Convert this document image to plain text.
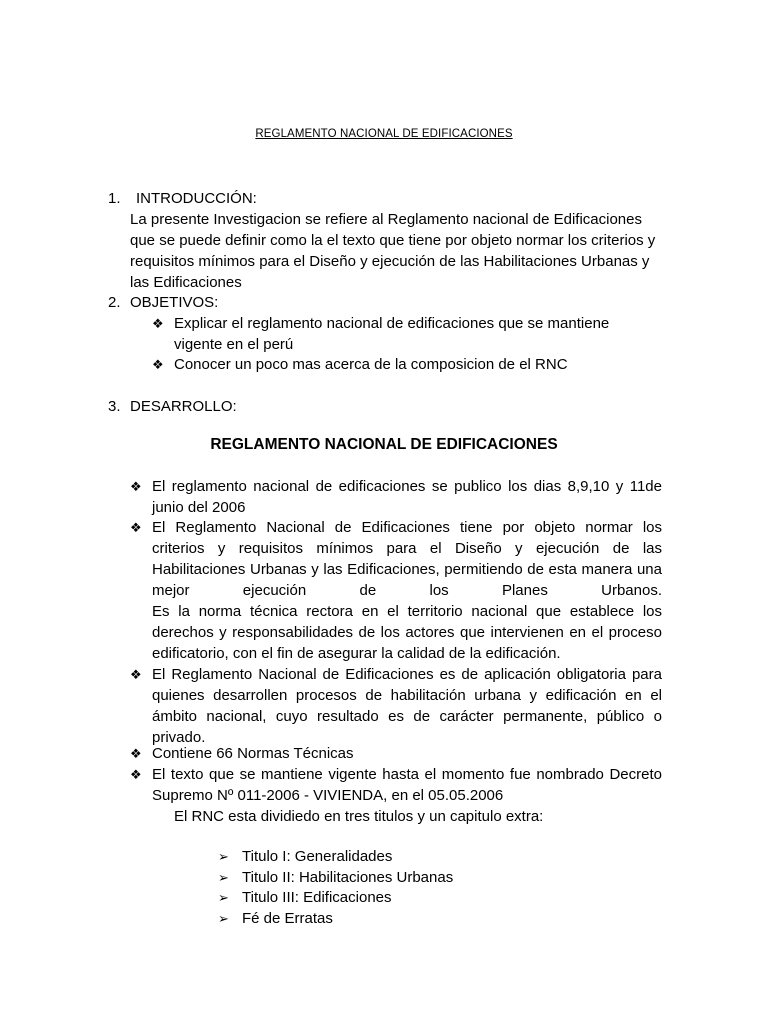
REGLAMENTO NACIONAL DE EDIFICACIONES
1. INTRODUCCIÓN:
La presente Investigacion se refiere al Reglamento nacional de Edificaciones
que se puede definir como la el texto que tiene por objeto normar los criterios y
requisitos mínimos para el Diseño y ejecución de las Habilitaciones Urbanas y
las Edificaciones
2. OBJETIVOS:
❖ Explicar el reglamento nacional de edificaciones que se mantiene
vigente en el perú
❖ Conocer un poco mas acerca de la composicion de el RNC
3. DESARROLLO:
REGLAMENTO NACIONAL DE EDIFICACIONES
❖ El reglamento nacional de edificaciones se publico los dias 8,9,10 y 11de
junio del 2006
❖ El Reglamento Nacional de Edificaciones tiene por objeto normar los
criterios y requisitos mínimos para el Diseño y ejecución de las
Habilitaciones Urbanas y las Edificaciones, permitiendo de esta manera una
mejor ejecución de los Planes Urbanos.
Es la norma técnica rectora en el territorio nacional que establece los
derechos y responsabilidades de los actores que intervienen en el proceso
edificatorio, con el fin de asegurar la calidad de la edificación.
❖ El Reglamento Nacional de Edificaciones es de aplicación obligatoria para
quienes desarrollen procesos de habilitación urbana y edificación en el
ámbito nacional, cuyo resultado es de carácter permanente, público o
privado.
❖ Contiene 66 Normas Técnicas
❖ El texto que se mantiene vigente hasta el momento fue nombrado Decreto
Supremo Nº 011-2006 - VIVIENDA, en el 05.05.2006
El RNC esta dividiedo en tres titulos y un capitulo extra:
➢ Titulo I: Generalidades
➢ Titulo II: Habilitaciones Urbanas
➢ Titulo III: Edificaciones
➢ Fé de Erratas
